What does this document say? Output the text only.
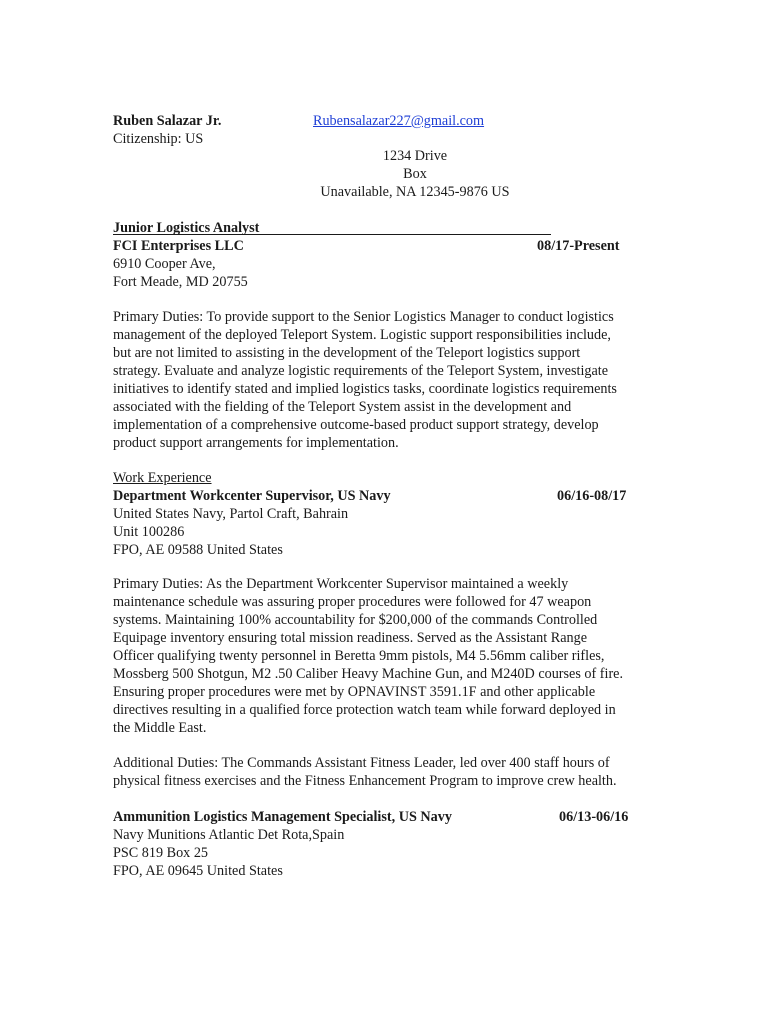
Ruben Salazar Jr.	Rubensalazar227@gmail.com
Citizenship: US
1234 Drive
Box
Unavailable, NA 12345-9876 US
Junior Logistics Analyst
FCI Enterprises LLC	08/17-Present
6910 Cooper Ave,
Fort Meade, MD 20755
Primary Duties: To provide support to the Senior Logistics Manager to conduct logistics
management of the deployed Teleport System. Logistic support responsibilities include,
but are not limited to assisting in the development of the Teleport logistics support
strategy. Evaluate and analyze logistic requirements of the Teleport System, investigate
initiatives to identify stated and implied logistics tasks, coordinate logistics requirements
associated with the fielding of the Teleport System assist in the development and
implementation of a comprehensive outcome-based product support strategy, develop
product support arrangements for implementation.
Work Experience
Department Workcenter Supervisor, US Navy	06/16-08/17
United States Navy, Partol Craft, Bahrain
Unit 100286
FPO, AE 09588 United States
Primary Duties: As the Department Workcenter Supervisor maintained a weekly
maintenance schedule was assuring proper procedures were followed for 47 weapon
systems. Maintaining 100% accountability for $200,000 of the commands Controlled
Equipage inventory ensuring total mission readiness. Served as the Assistant Range
Officer qualifying twenty personnel in Beretta 9mm pistols, M4 5.56mm caliber rifles,
Mossberg 500 Shotgun, M2 .50 Caliber Heavy Machine Gun, and M240D courses of fire.
Ensuring proper procedures were met by OPNAVINST 3591.1F and other applicable
directives resulting in a qualified force protection watch team while forward deployed in
the Middle East.
Additional Duties: The Commands Assistant Fitness Leader, led over 400 staff hours of
physical fitness exercises and the Fitness Enhancement Program to improve crew health.
Ammunition Logistics Management Specialist, US Navy	06/13-06/16
Navy Munitions Atlantic Det Rota,Spain
PSC 819 Box 25
FPO, AE 09645 United States
